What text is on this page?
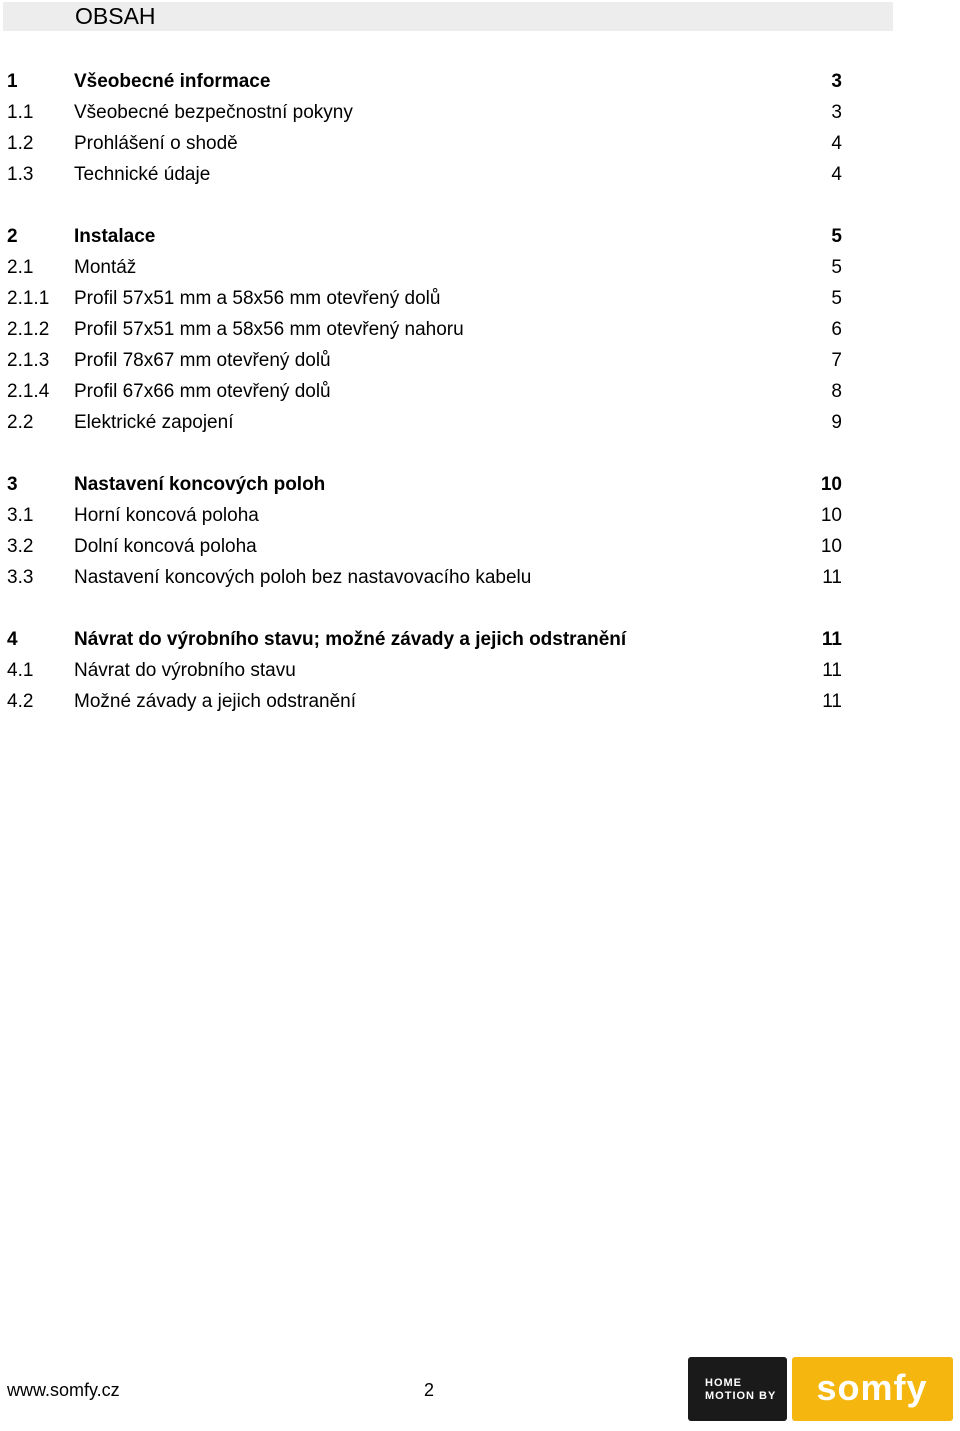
OBSAH
1	Všeobecné informace	3
1.1 Všeobecné bezpečnostní pokyny	3
1.2 Prohlášení o shodě	4
1.3 Technické údaje	4
2	Instalace	5
2.1 Montáž	5
2.1.1 Profil 57x51 mm a 58x56 mm otevřený dolů	5
2.1.2 Profil 57x51 mm a 58x56 mm otevřený nahoru	6
2.1.3 Profil 78x67 mm otevřený dolů	7
2.1.4 Profil 67x66 mm otevřený dolů	8
2.2 Elektrické zapojení	9
3	Nastavení koncových poloh	10
3.1 Horní koncová poloha	10
3.2 Dolní koncová poloha	10
3.3 Nastavení koncových poloh bez nastavovacího kabelu	11
4	Návrat do výrobního stavu; možné závady a jejich odstranění	11
4.1 Návrat do výrobního stavu	11
4.2 Možné závady a jejich odstranění	11
www.somfy.cz	2	HOME
MOTION BY somfy
